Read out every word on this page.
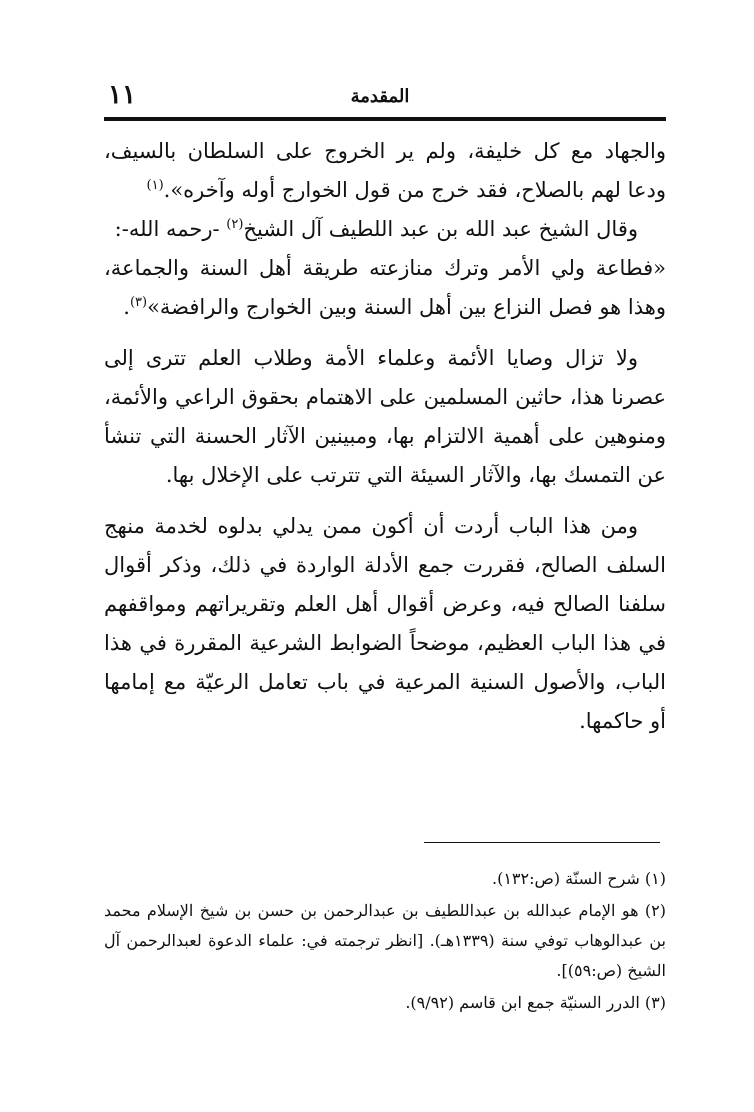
١١	المقدمة

والجهاد مع كل خليفة، ولم ير الخروج على السلطان بالسيف، ودعا لهم بالصلاح، فقد خرج من قول الخوارج أوله وآخره».$^{(١)}$

وقال الشيخ عبد الله بن عبد اللطيف آل الشيخ$^{(٢)}$ -رحمه الله-:

«فطاعة ولي الأمر وترك منازعته طريقة أهل السنة والجماعة، وهذا هو فصل النزاع بين أهل السنة وبين الخوارج والرافضة»$^{(٣)}$.

ولا تزال وصايا الأئمة وعلماء الأمة وطلاب العلم تترى إلى عصرنا هذا، حاثين المسلمين على الاهتمام بحقوق الراعي والأئمة، ومنوهين على أهمية الالتزام بها، ومبينين الآثار الحسنة التي تنشأ عن التمسك بها، والآثار السيئة التي تترتب على الإخلال بها.

ومن هذا الباب أردت أن أكون ممن يدلي بدلوه لخدمة منهج السلف الصالح، فقررت جمع الأدلة الواردة في ذلك، وذكر أقوال سلفنا الصالح فيه، وعرض أقوال أهل العلم وتقريراتهم ومواقفهم في هذا الباب العظيم، موضحاً الضوابط الشرعية المقررة في هذا الباب، والأصول السنية المرعية في باب تعامل الرعيّة مع إمامها أو حاكمها.

(١) شرح السنّة (ص:١٣٢).

(٢) هو الإمام عبدالله بن عبداللطيف بن عبدالرحمن بن حسن بن شيخ الإسلام محمد بن عبدالوهاب توفي سنة (١٣٣٩هـ). [انظر ترجمته في: علماء الدعوة لعبدالرحمن آل الشيخ (ص:٥٩)].

(٣) الدرر السنيّة جمع ابن قاسم (٩/٩٢).
